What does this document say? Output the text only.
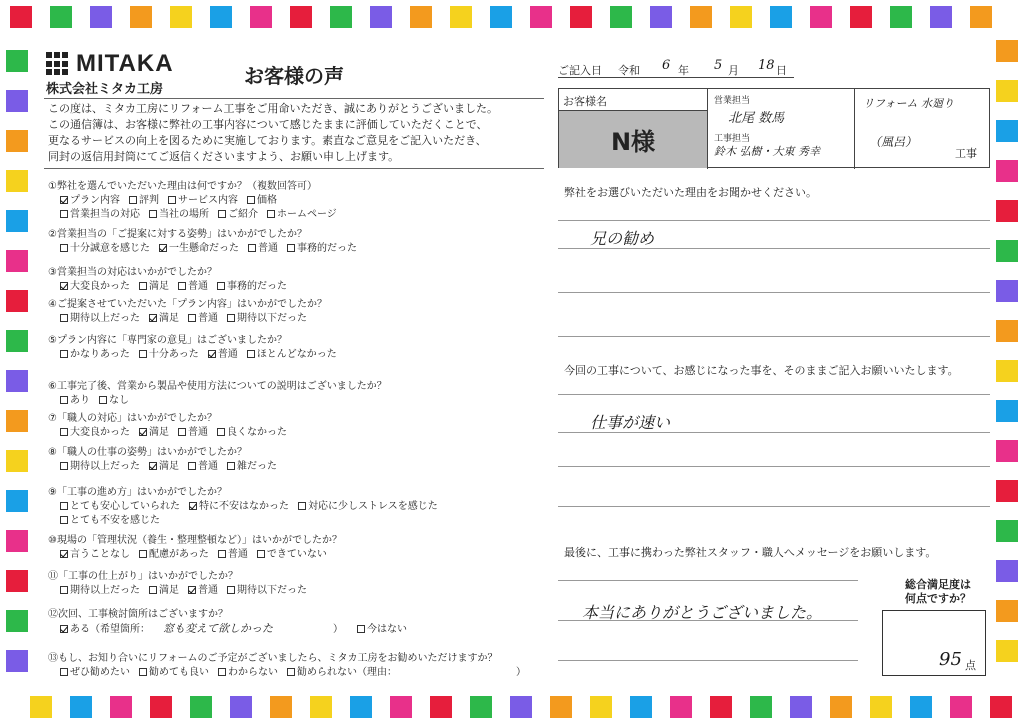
MITAKA
株式会社ミタカ工房
お客様の声

この度は、ミタカ工房にリフォーム工事をご用命いただき、誠にありがとうございました。

この通信簿は、お客様に弊社の工事内容について感じたままに評価していただくことで、

更なるサービスの向上を図るために実施しております。素直なご意見をご記入いただき、

同封の返信用封筒にてご返信くださいますよう、お願い申し上げます。

①弊社を選んでいただいた理由は何ですか？（複数回答可）
プラン内容 評判 サービス内容 価格
営業担当の対応 当社の場所 ご紹介 ホームページ
②営業担当の「ご提案に対する姿勢」はいかがでしたか？
十分誠意を感じた 一生懸命だった 普通 事務的だった
③営業担当の対応はいかがでしたか？
大変良かった 満足 普通 事務的だった
④ご提案させていただいた「プラン内容」はいかがでしたか？
期待以上だった 満足 普通 期待以下だった
⑤プラン内容に「専門家の意見」はございましたか？
かなりあった 十分あった 普通 ほとんどなかった
⑥工事完了後、営業から製品や使用方法についての説明はございましたか？
あり なし
⑦「職人の対応」はいかがでしたか？
大変良かった 満足 普通 良くなかった
⑧「職人の仕事の姿勢」はいかがでしたか？
期待以上だった 満足 普通 雑だった
⑨「工事の進め方」はいかがでしたか？
とても安心していられた 特に不安はなかった 対応に少しストレスを感じた
とても不安を感じた
⑩現場の「管理状況（養生・整理整頓など）」はいかがでしたか？
言うことなし 配慮があった 普通 できていない
⑪「工事の仕上がり」はいかがでしたか？
期待以上だった 満足 普通 期待以下だった
⑫次回、工事検討箇所はございますか？
ある（希望箇所： 窓も変えて欲しかった	） 今はない
⑬もし、お知り合いにリフォームのご予定がございましたら、ミタカ工房をお勧めいただけますか？
ぜひ勧めたい 勧めても良い わからない 勧められない（理由：	）
ご記入日 令和 6 年 5 月 18 日
お客様名
N様
営業担当
北尾 数馬
工事担当
鈴木 弘樹・大東 秀幸
リフォーム 水廻り
（風呂）
工事
弊社をお選びいただいた理由をお聞かせください。
兄の勧め
今回の工事について、お感じになった事を、そのままご記入お願いいたします。
仕事が速い
最後に、工事に携わった弊社スタッフ・職人へメッセージをお願いします。
本当にありがとうございました。
総合満足度は
何点ですか？
95 点
